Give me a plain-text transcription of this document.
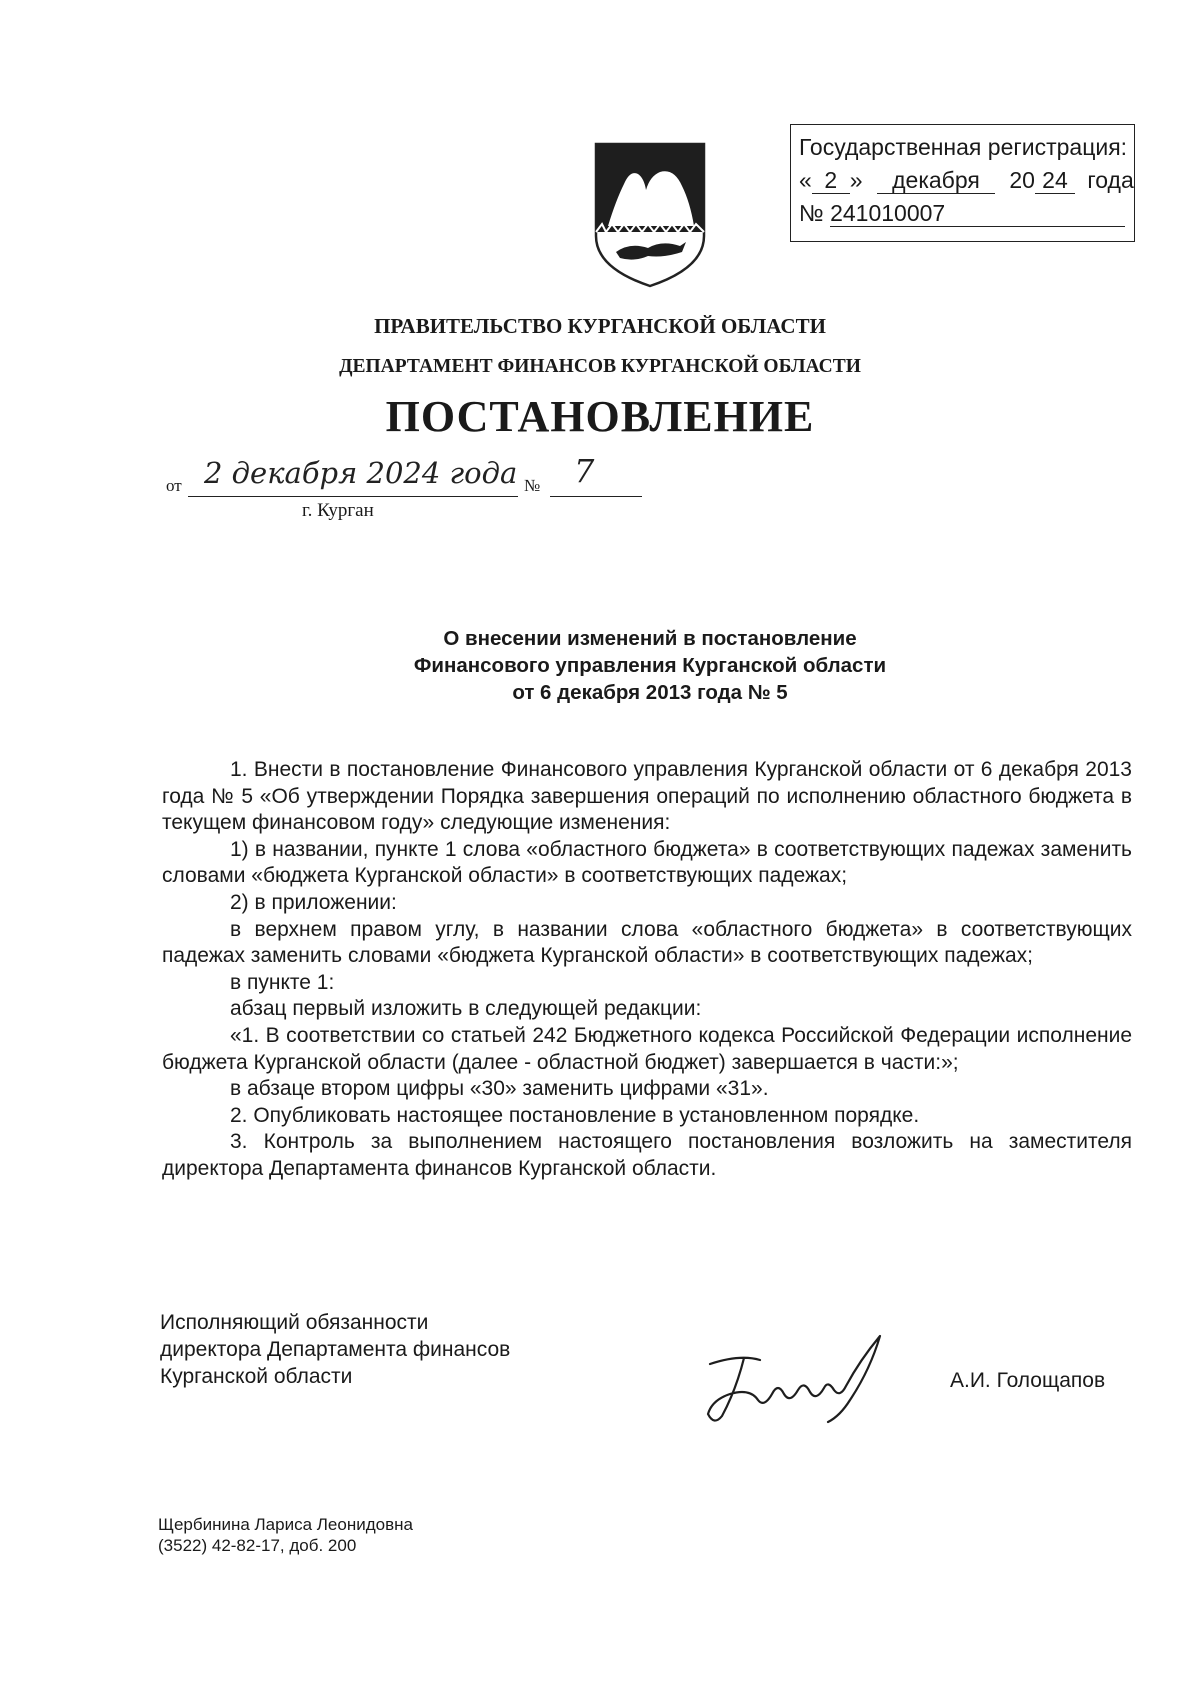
Государственная регистрация:
« 2 » декабря 20 24 года
№ 241010007
ПРАВИТЕЛЬСТВО КУРГАНСКОЙ ОБЛАСТИ
ДЕПАРТАМЕНТ ФИНАНСОВ КУРГАНСКОЙ ОБЛАСТИ
ПОСТАНОВЛЕНИЕ
от 2 декабря 2024 года № 7
г. Курган
О внесении изменений в постановление
Финансового управления Курганской области
от 6 декабря 2013 года № 5

1. Внести в постановление Финансового управления Курганской области от 6 декабря 2013 года № 5 «Об утверждении Порядка завершения операций по исполнению областного бюджета в текущем финансовом году» следующие изменения:

1) в названии, пункте 1 слова «областного бюджета» в соответствующих падежах заменить словами «бюджета Курганской области» в соответствующих падежах;

2) в приложении:

в верхнем правом углу, в названии слова «областного бюджета» в соответствующих падежах заменить словами «бюджета Курганской области» в соответствующих падежах;

в пункте 1:

абзац первый изложить в следующей редакции:

«1. В соответствии со статьей 242 Бюджетного кодекса Российской Федерации исполнение бюджета Курганской области (далее - областной бюджет) завершается в части:»;

в абзаце втором цифры «30» заменить цифрами «31».

2. Опубликовать настоящее постановление в установленном порядке.

3. Контроль за выполнением настоящего постановления возложить на заместителя директора Департамента финансов Курганской области.

Исполняющий обязанности
директора Департамента финансов
Курганской области	А.И. Голощапов
Щербинина Лариса Леонидовна
(3522) 42-82-17, доб. 200
